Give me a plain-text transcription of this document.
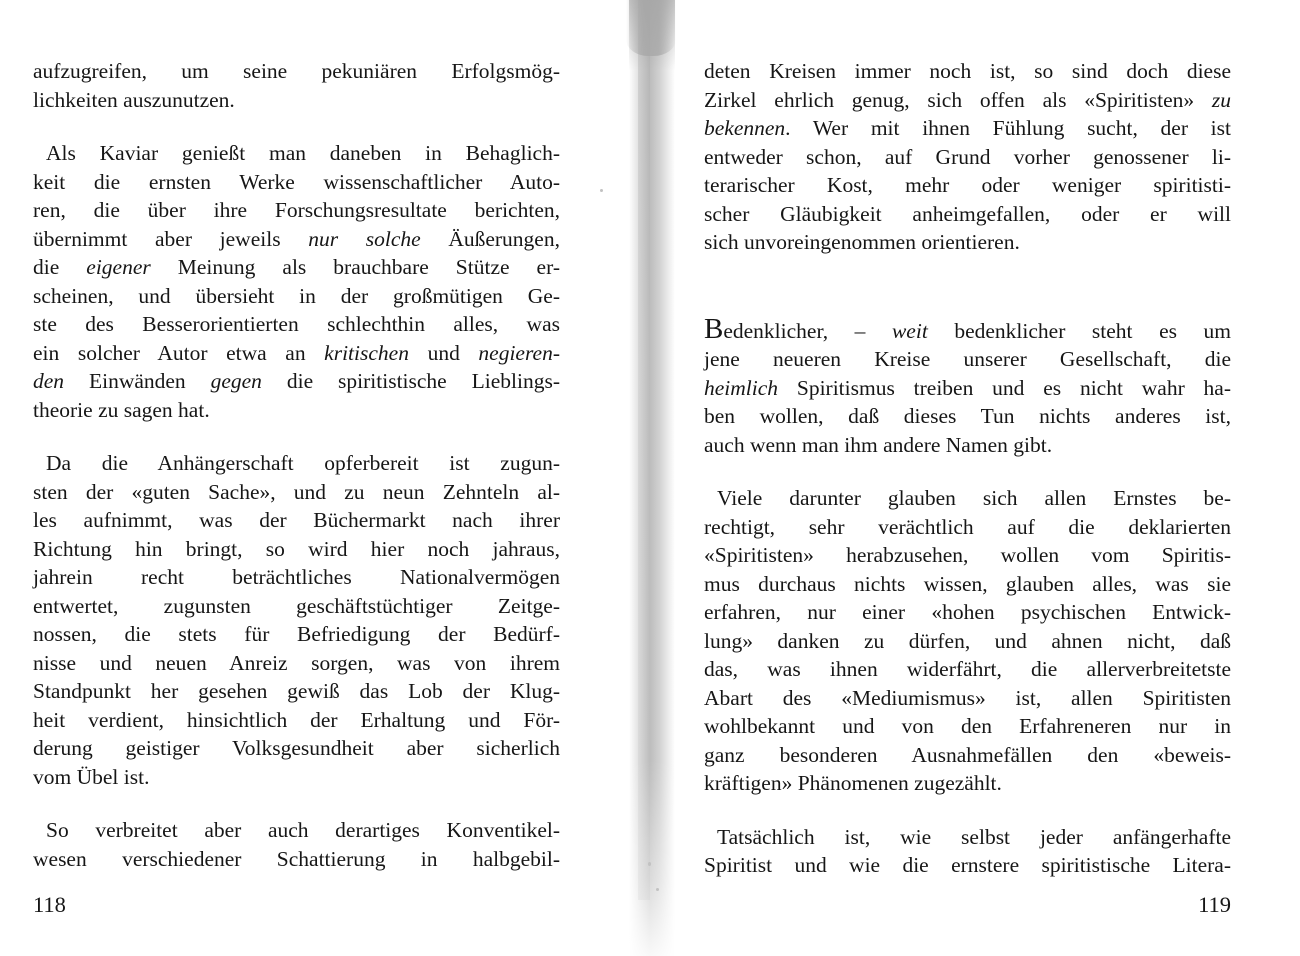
aufzugreifen, um seine pekuniären Erfolgsmög-
lichkeiten auszunutzen.
Als Kaviar genießt man daneben in Behaglich-
keit die ernsten Werke wissenschaftlicher Auto-
ren, die über ihre Forschungsresultate berichten,
übernimmt aber jeweils nur solche Äußerungen,
die eigener Meinung als brauchbare Stütze er-
scheinen, und übersieht in der großmütigen Ge-
ste des Besserorientierten schlechthin alles, was
ein solcher Autor etwa an kritischen und negieren-
den Einwänden gegen die spiritistische Lieblings-
theorie zu sagen hat.
Da die Anhängerschaft opferbereit ist zugun-
sten der «guten Sache», und zu neun Zehnteln al-
les aufnimmt, was der Büchermarkt nach ihrer
Richtung hin bringt, so wird hier noch jahraus,
jahrein recht beträchtliches Nationalvermögen
entwertet, zugunsten geschäftstüchtiger Zeitge-
nossen, die stets für Befriedigung der Bedürf-
nisse und neuen Anreiz sorgen, was von ihrem
Standpunkt her gesehen gewiß das Lob der Klug-
heit verdient, hinsichtlich der Erhaltung und För-
derung geistiger Volksgesundheit aber sicherlich
vom Übel ist.
So verbreitet aber auch derartiges Konventikel-
wesen verschiedener Schattierung in halbgebil-
118
deten Kreisen immer noch ist, so sind doch diese
Zirkel ehrlich genug, sich offen als «Spiritisten» zu
bekennen. Wer mit ihnen Fühlung sucht, der ist
entweder schon, auf Grund vorher genossener li-
terarischer Kost, mehr oder weniger spiritisti-
scher Gläubigkeit anheimgefallen, oder er will
sich unvoreingenommen orientieren.
Bedenklicher, – weit bedenklicher steht es um
jene neueren Kreise unserer Gesellschaft, die
heimlich Spiritismus treiben und es nicht wahr ha-
ben wollen, daß dieses Tun nichts anderes ist,
auch wenn man ihm andere Namen gibt.
Viele darunter glauben sich allen Ernstes be-
rechtigt, sehr verächtlich auf die deklarierten
«Spiritisten» herabzusehen, wollen vom Spiritis-
mus durchaus nichts wissen, glauben alles, was sie
erfahren, nur einer «hohen psychischen Entwick-
lung» danken zu dürfen, und ahnen nicht, daß
das, was ihnen widerfährt, die allerverbreitetste
Abart des «Mediumismus» ist, allen Spiritisten
wohlbekannt und von den Erfahreneren nur in
ganz besonderen Ausnahmefällen den «beweis-
kräftigen» Phänomenen zugezählt.
Tatsächlich ist, wie selbst jeder anfängerhafte
Spiritist und wie die ernstere spiritistische Litera-
119
